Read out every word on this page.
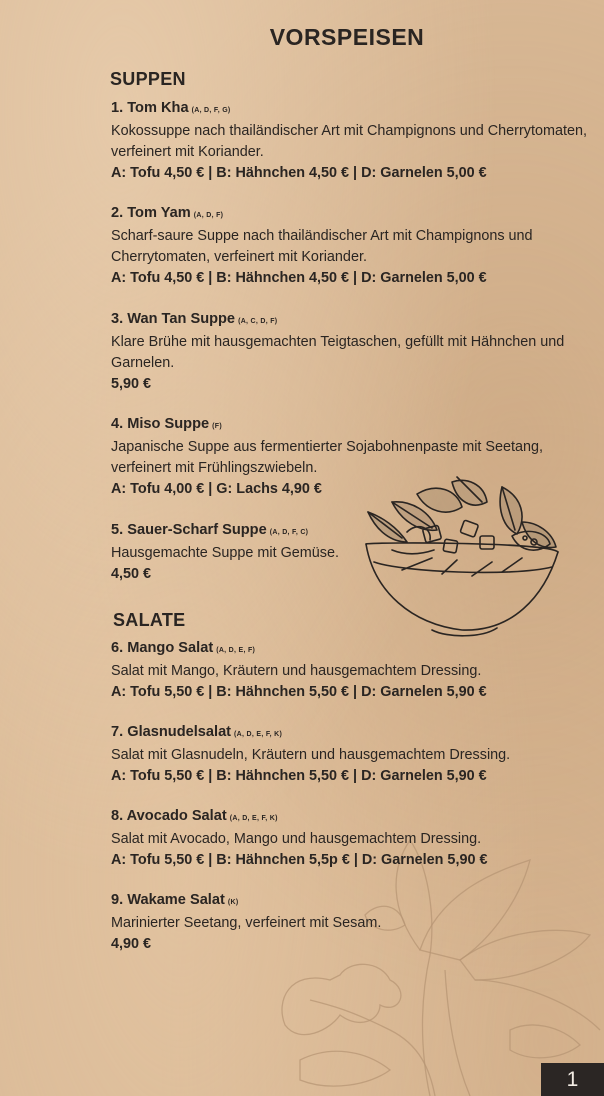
VORSPEISEN
SUPPEN
1. Tom Kha (A, D, F, G)

Kokossuppe nach thailändischer Art mit Champignons und Cherrytomaten, verfeinert mit Koriander.

A: Tofu 4,50 € | B: Hähnchen 4,50 € | D: Garnelen 5,00 €
2. Tom Yam (A, D, F)

Scharf-saure Suppe nach thailändischer Art mit Champignons und Cherrytomaten, verfeinert mit Koriander.

A: Tofu 4,50 € | B: Hähnchen 4,50 € | D: Garnelen 5,00 €
3. Wan Tan Suppe (A, C, D, F)

Klare Brühe mit hausgemachten Teigtaschen, gefüllt mit Hähnchen und Garnelen.

5,90 €
4. Miso Suppe (F)

Japanische Suppe aus fermentierter Sojabohnenpaste mit Seetang, verfeinert mit Frühlingszwiebeln.

A: Tofu 4,00 € | G: Lachs 4,90 €
5. Sauer-Scharf Suppe (A, D, F, C)

Hausgemachte Suppe mit Gemüse.

4,50 €
SALATE
6. Mango Salat (A, D, E, F)

Salat mit Mango, Kräutern und hausgemachtem Dressing.

A: Tofu 5,50 € | B: Hähnchen 5,50 € | D: Garnelen 5,90 €
7. Glasnudelsalat (A, D, E, F, K)

Salat mit Glasnudeln, Kräutern und hausgemachtem Dressing.

A: Tofu 5,50 € | B: Hähnchen 5,50 € | D: Garnelen 5,90 €
8. Avocado Salat (A, D, E, F, K)

Salat mit Avocado, Mango und hausgemachtem Dressing.

A: Tofu 5,50 € | B: Hähnchen 5,5p € | D: Garnelen 5,90 €
9. Wakame Salat (K)

Marinierter Seetang, verfeinert mit Sesam.

4,90 €
1
